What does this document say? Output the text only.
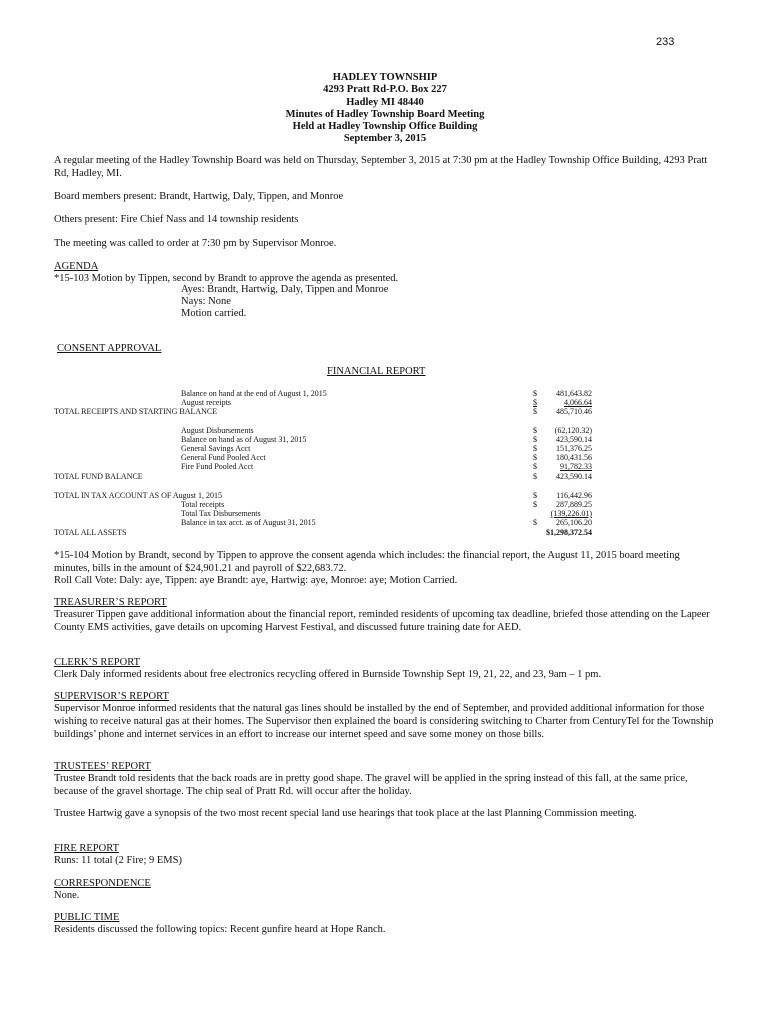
233
HADLEY TOWNSHIP
4293 Pratt Rd-P.O. Box 227
Hadley MI 48440
Minutes of Hadley Township Board Meeting
Held at Hadley Township Office Building
September 3, 2015

A regular meeting of the Hadley Township Board was held on Thursday, September 3, 2015 at 7:30 pm at the Hadley Township Office Building, 4293 Pratt Rd, Hadley, MI.

Board members present: Brandt, Hartwig, Daly, Tippen, and Monroe

Others present: Fire Chief Nass and 14 township residents

The meeting was called to order at 7:30 pm by Supervisor Monroe.

AGENDA

*15-103 Motion by Tippen, second by Brandt to approve the agenda as presented.

Ayes: Brandt, Hartwig, Daly, Tippen and Monroe
Nays: None
Motion carried.

CONSENT APPROVAL

FINANCIAL REPORT
Balance on hand at the end of August 1, 2015	$ 481,643.82
August receipts	$	4,066.64
TOTAL RECEIPTS AND STARTING BALANCE	$ 485,710.46
August Disbursements	$ (62,120.32)
Balance on hand as of August 31, 2015	$ 423,590.14
General Savings Acct	$ 151,376.25
General Fund Pooled Acct	$ 180,431.56
Fire Fund Pooled Acct	$	91,782.33
TOTAL FUND BALANCE	$ 423,590.14
TOTAL IN TAX ACCOUNT AS OF August 1, 2015	$ 116,442.96
Total receipts	$ 287,889.25
Total Tax Disbursements	(139,226.01)
Balance in tax acct. as of August 31, 2015	$ 265,106.20
TOTAL ALL ASSETS	$1,298,372.54

*15-104 Motion by Brandt, second by Tippen to approve the consent agenda which includes: the financial report, the August 11, 2015 board meeting minutes, bills in the amount of $24,901.21 and payroll of $22,683.72.

Roll Call Vote: Daly: aye, Tippen: aye Brandt: aye, Hartwig: aye, Monroe: aye; Motion Carried.

TREASURER’S REPORT

Treasurer Tippen gave additional information about the financial report, reminded residents of upcoming tax deadline, briefed those attending on the Lapeer County EMS activities, gave details on upcoming Harvest Festival, and discussed future training date for AED.

CLERK’S REPORT

Clerk Daly informed residents about free electronics recycling offered in Burnside Township Sept 19, 21, 22, and 23, 9am – 1 pm.

SUPERVISOR’S REPORT

Supervisor Monroe informed residents that the natural gas lines should be installed by the end of September, and provided additional information for those wishing to receive natural gas at their homes. The Supervisor then explained the board is considering switching to Charter from CenturyTel for the Township buildings’ phone and internet services in an effort to increase our internet speed and save some money on those bills.

TRUSTEES’ REPORT

Trustee Brandt told residents that the back roads are in pretty good shape. The gravel will be applied in the spring instead of this fall, at the same price, because of the gravel shortage. The chip seal of Pratt Rd. will occur after the holiday.

Trustee Hartwig gave a synopsis of the two most recent special land use hearings that took place at the last Planning Commission meeting.

FIRE REPORT

Runs: 11 total (2 Fire; 9 EMS)

CORRESPONDENCE

None.

PUBLIC TIME

Residents discussed the following topics: Recent gunfire heard at Hope Ranch.
